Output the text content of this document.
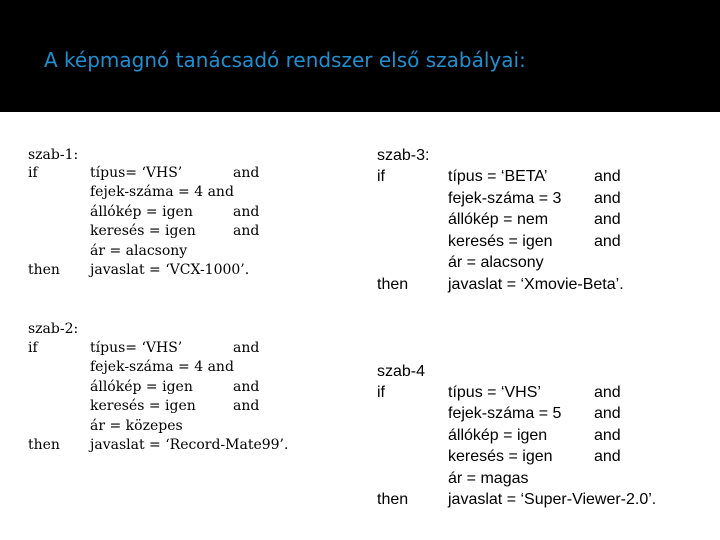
A képmagnó tanácsadó rendszer első szabályai:
szab-1:
if
then
típus= ‘VHS’
fejek-száma = 4 and
állókép = igen
keresés = igen
ár = alacsony
javaslat = ‘VCX-1000’.
and
and
and
szab-2:
if
then
típus= ‘VHS’
fejek-száma = 4 and
állókép = igen
keresés = igen
ár = közepes
javaslat = ‘Record-Mate99’.
and
and
and
szab-3:
if
then
típus = ‘BETA’
fejek-száma = 3
állókép = nem
keresés = igen
ár = alacsony
javaslat = ‘Xmovie-Beta’.
and
and
and
and
szab-4
if
then
típus = ‘VHS’
fejek-száma = 5
állókép = igen
keresés = igen
ár = magas
javaslat = ‘Super-Viewer-2.0’.
and
and
and
and
